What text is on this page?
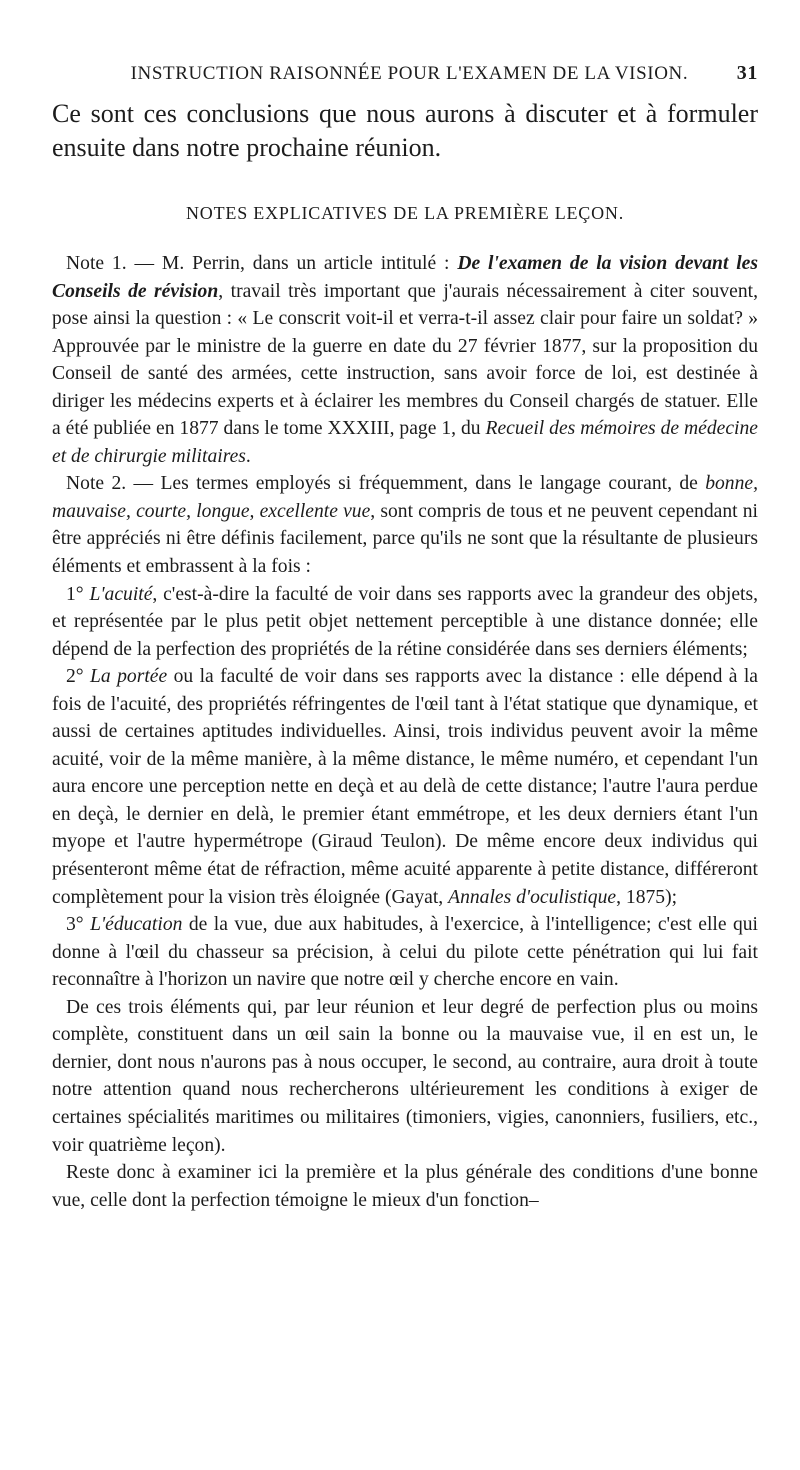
INSTRUCTION RAISONNÉE POUR L'EXAMEN DE LA VISION.	31

Ce sont ces conclusions que nous aurons à discuter et à formuler ensuite dans notre prochaine réunion.

NOTES EXPLICATIVES DE LA PREMIÈRE LEÇON.

Note 1. — M. Perrin, dans un article intitulé : De l'examen de la vision devant les Conseils de révision, travail très important que j'aurais nécessairement à citer souvent, pose ainsi la question : « Le conscrit voit-il et verra-t-il assez clair pour faire un soldat? » Approuvée par le ministre de la guerre en date du 27 février 1877, sur la proposition du Conseil de santé des armées, cette instruction, sans avoir force de loi, est destinée à diriger les médecins experts et à éclairer les membres du Conseil chargés de statuer. Elle a été publiée en 1877 dans le tome XXXIII, page 1, du Recueil des mémoires de médecine et de chirurgie militaires.

Note 2. — Les termes employés si fréquemment, dans le langage courant, de bonne, mauvaise, courte, longue, excellente vue, sont compris de tous et ne peuvent cependant ni être appréciés ni être définis facilement, parce qu'ils ne sont que la résultante de plusieurs éléments et embrassent à la fois :

1° L'acuité, c'est-à-dire la faculté de voir dans ses rapports avec la grandeur des objets, et représentée par le plus petit objet nettement perceptible à une distance donnée; elle dépend de la perfection des propriétés de la rétine considérée dans ses derniers éléments;

2° La portée ou la faculté de voir dans ses rapports avec la distance : elle dépend à la fois de l'acuité, des propriétés réfringentes de l'œil tant à l'état statique que dynamique, et aussi de certaines aptitudes individuelles. Ainsi, trois individus peuvent avoir la même acuité, voir de la même manière, à la même distance, le même numéro, et cependant l'un aura encore une perception nette en deçà et au delà de cette distance; l'autre l'aura perdue en deçà, le dernier en delà, le premier étant emmétrope, et les deux derniers étant l'un myope et l'autre hypermétrope (Giraud Teulon). De même encore deux individus qui présenteront même état de réfraction, même acuité apparente à petite distance, différeront complètement pour la vision très éloignée (Gayat, Annales d'oculistique, 1875);

3° L'éducation de la vue, due aux habitudes, à l'exercice, à l'intelligence; c'est elle qui donne à l'œil du chasseur sa précision, à celui du pilote cette pénétration qui lui fait reconnaître à l'horizon un navire que notre œil y cherche encore en vain.

De ces trois éléments qui, par leur réunion et leur degré de perfection plus ou moins complète, constituent dans un œil sain la bonne ou la mauvaise vue, il en est un, le dernier, dont nous n'aurons pas à nous occuper, le second, au contraire, aura droit à toute notre attention quand nous rechercherons ultérieurement les conditions à exiger de certaines spécialités maritimes ou militaires (timoniers, vigies, canonniers, fusiliers, etc., voir quatrième leçon).

Reste donc à examiner ici la première et la plus générale des conditions d'une bonne vue, celle dont la perfection témoigne le mieux d'un fonction–
